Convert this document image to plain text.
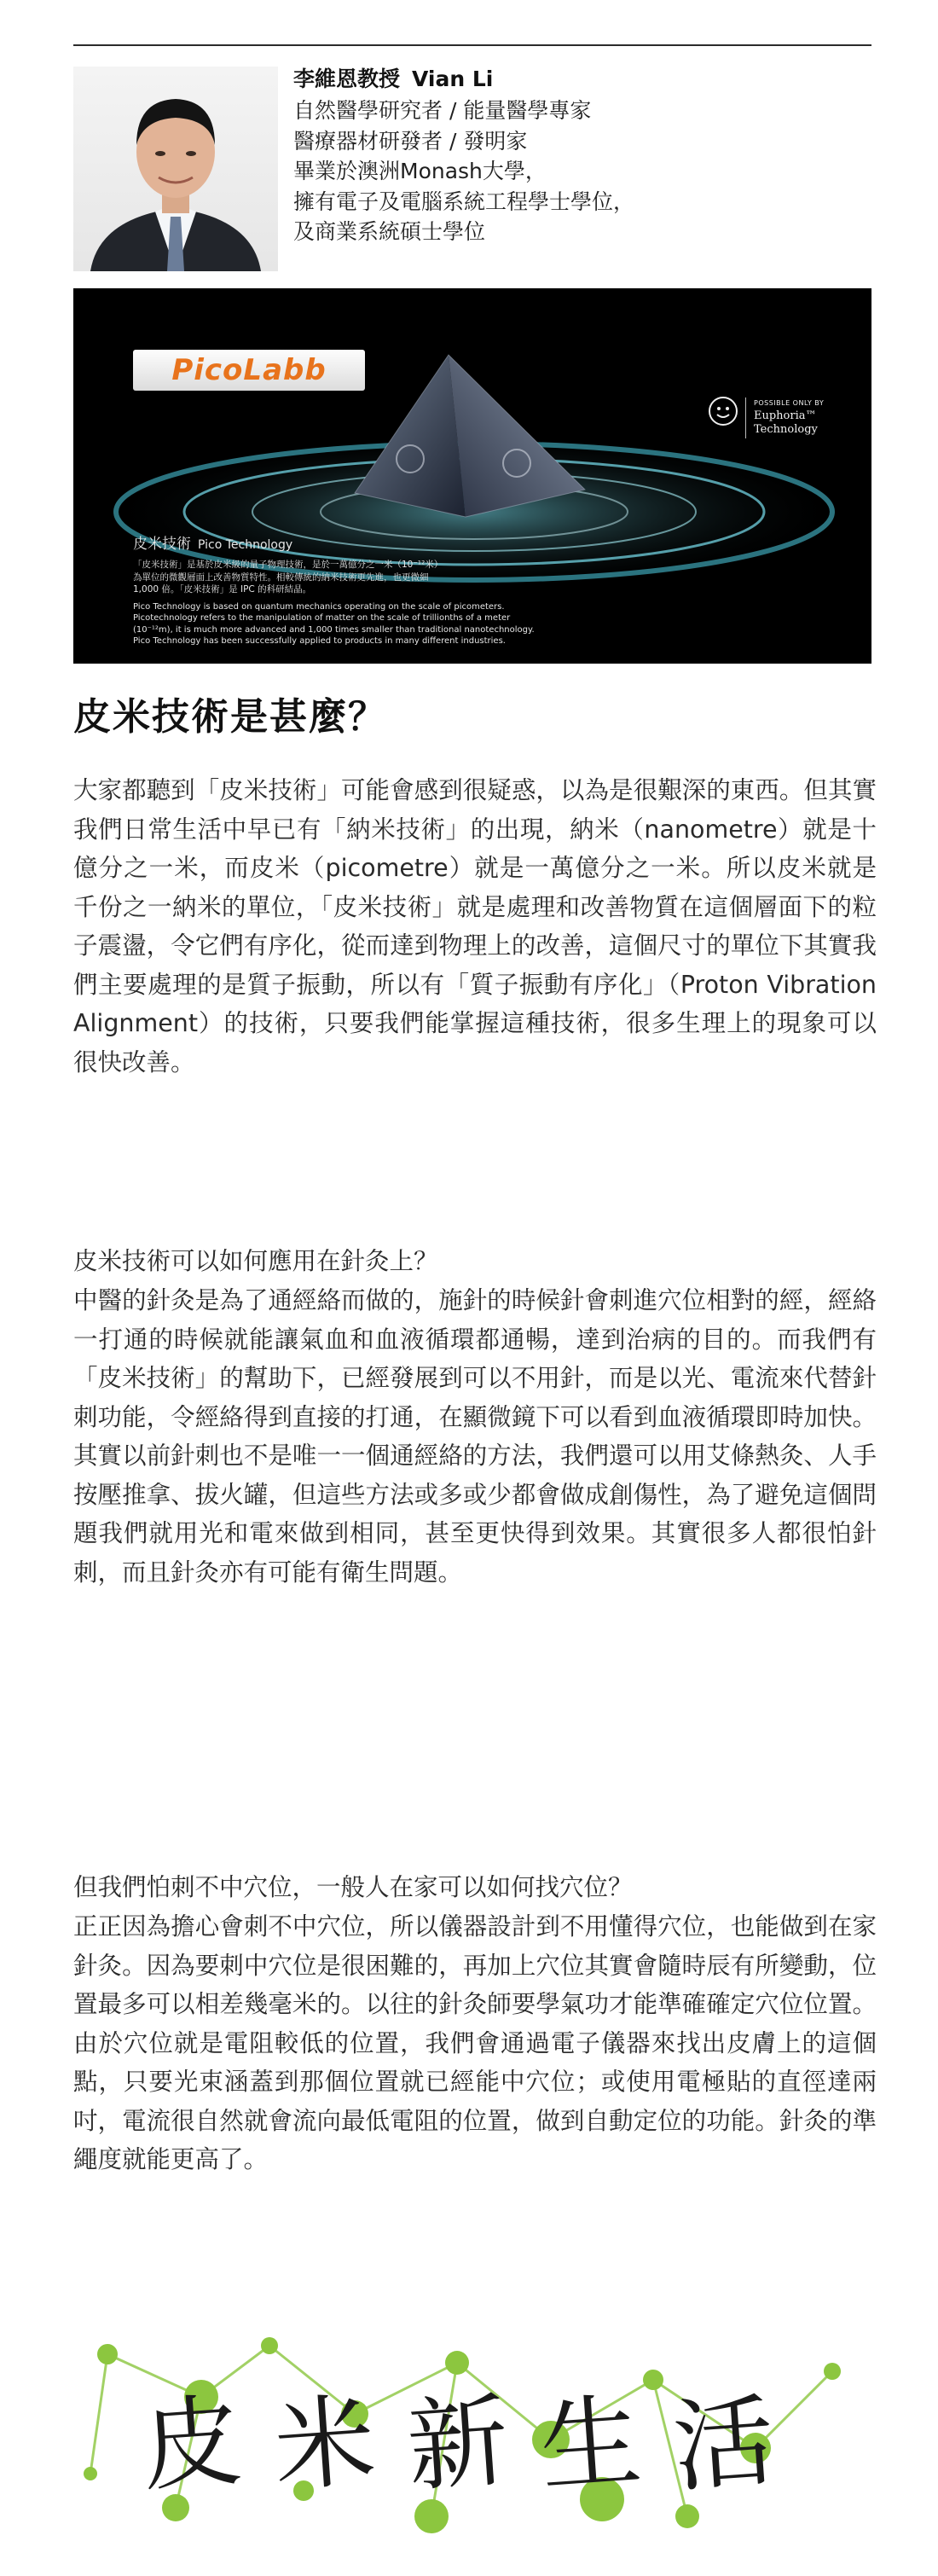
李維恩教授 Vian Li
自然醫學研究者 / 能量醫學專家
醫療器材研發者 / 發明家
畢業於澳洲Monash大學，
擁有電子及電腦系統工程學士學位，
及商業系統碩士學位
PicoLabb
POSSIBLE ONLY BY
Euphoria™
Technology
皮米技術 Pico Technology
「皮米技術」是基於皮米級的量子物理技術，是於一萬億分之一米（10⁻¹²米）
為單位的微觀層面上改善物質特性。相較傳統的納米技術更先進，也更微細
1,000 倍。「皮米技術」是 IPC 的科研結晶。
Pico Technology is based on quantum mechanics operating on the scale of picometers.
Picotechnology refers to the manipulation of matter on the scale of trillionths of a meter
(10⁻¹²m), it is much more advanced and 1,000 times smaller than traditional nanotechnology.
Pico Technology has been successfully applied to products in many different industries.
皮米技術是甚麼？

大家都聽到「皮米技術」可能會感到很疑惑，以為是很艱深的東西。但其實我們日常生活中早已有「納米技術」的出現，納米（nanometre）就是十億分之一米，而皮米（picometre）就是一萬億分之一米。所以皮米就是千份之一納米的單位，「皮米技術」就是處理和改善物質在這個層面下的粒子震盪，令它們有序化，從而達到物理上的改善，這個尺寸的單位下其實我們主要處理的是質子振動，所以有「質子振動有序化」（Proton Vibration Alignment）的技術，只要我們能掌握這種技術，很多生理上的現象可以很快改善。

皮米技術可以如何應用在針灸上？

中醫的針灸是為了通經絡而做的，施針的時候針會刺進穴位相對的經，經絡一打通的時候就能讓氣血和血液循環都通暢，達到治病的目的。而我們有「皮米技術」的幫助下，已經發展到可以不用針，而是以光、電流來代替針刺功能，令經絡得到直接的打通，在顯微鏡下可以看到血液循環即時加快。其實以前針刺也不是唯一一個通經絡的方法，我們還可以用艾條熱灸、人手按壓推拿、拔火罐，但這些方法或多或少都會做成創傷性，為了避免這個問題我們就用光和電來做到相同，甚至更快得到效果。其實很多人都很怕針刺，而且針灸亦有可能有衛生問題。

但我們怕刺不中穴位，一般人在家可以如何找穴位？

正正因為擔心會刺不中穴位，所以儀器設計到不用懂得穴位，也能做到在家針灸。因為要刺中穴位是很困難的，再加上穴位其實會隨時辰有所變動，位置最多可以相差幾毫米的。以往的針灸師要學氣功才能準確確定穴位位置。由於穴位就是電阻較低的位置，我們會通過電子儀器來找出皮膚上的這個點，只要光束涵蓋到那個位置就已經能中穴位；或使用電極貼的直徑達兩吋，電流很自然就會流向最低電阻的位置，做到自動定位的功能。針灸的準繩度就能更高了。

皮 米 新 生 活
